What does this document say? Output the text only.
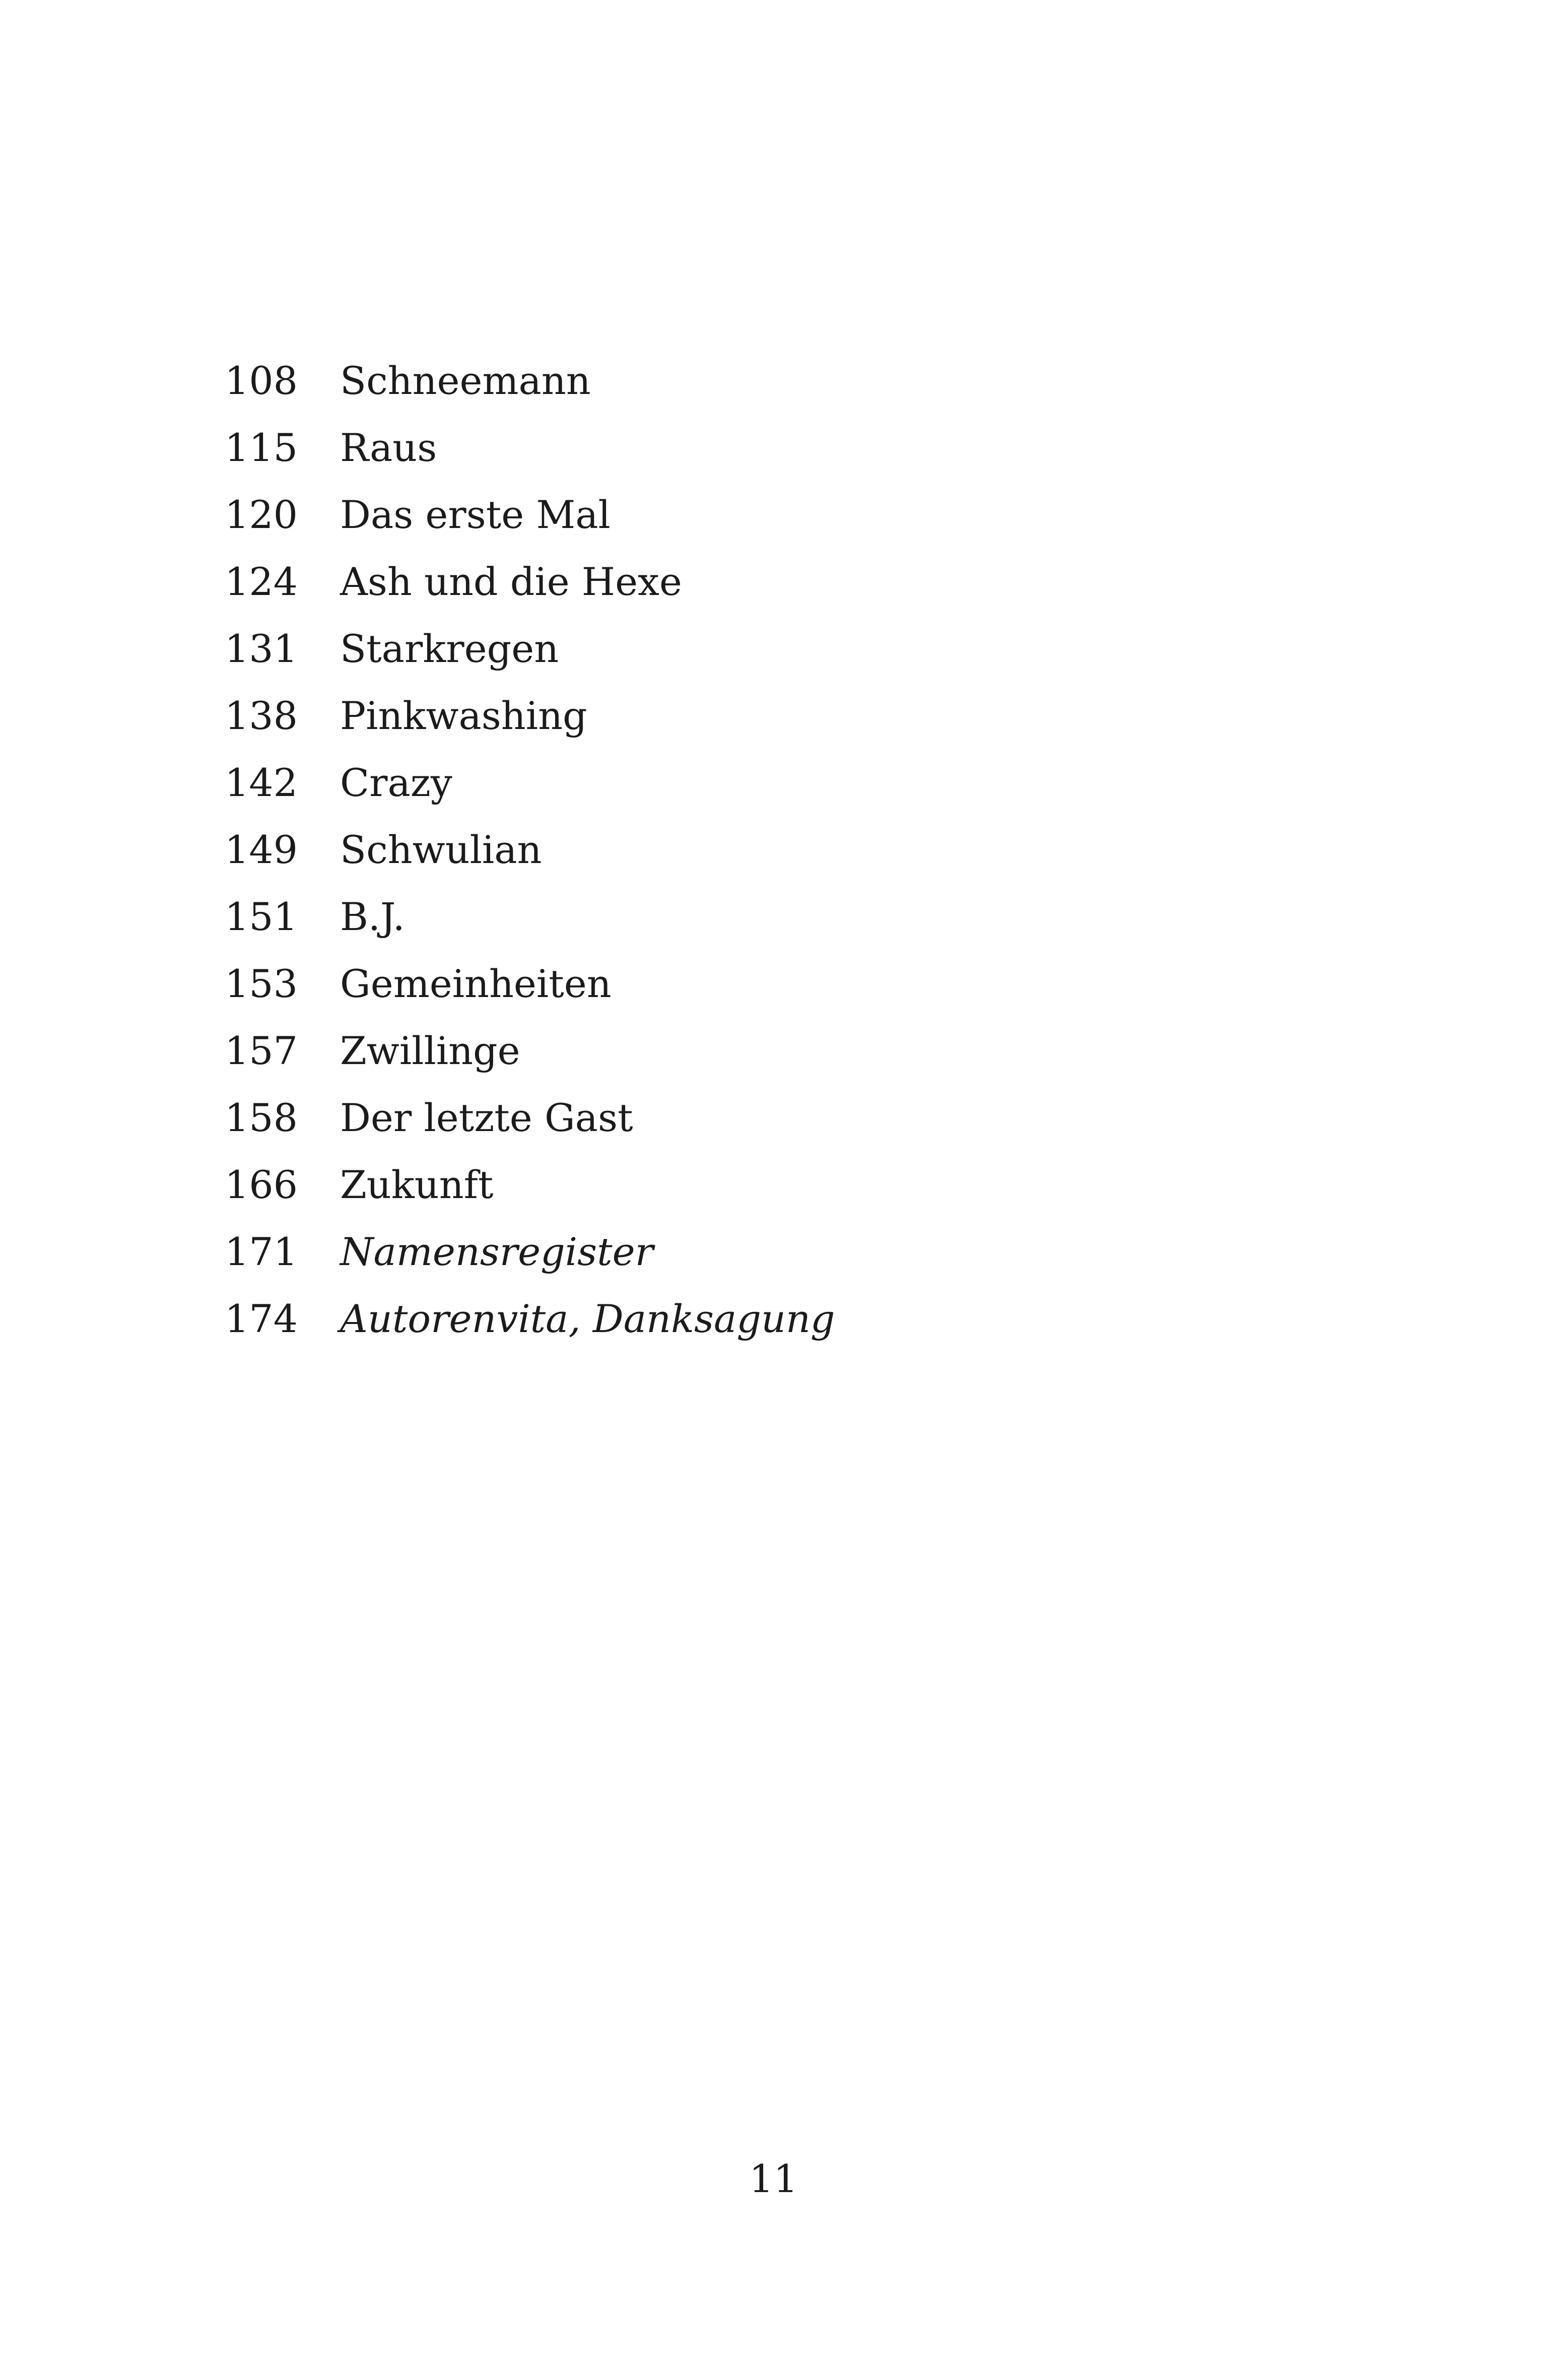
108 Schneemann
115 Raus
120 Das erste Mal
124 Ash und die Hexe
131 Starkregen
138 Pinkwashing
142 Crazy
149 Schwulian
151 B.J.
153 Gemeinheiten
157 Zwillinge
158 Der letzte Gast
166 Zukunft
171 Namensregister
174 Autorenvita, Danksagung
11
